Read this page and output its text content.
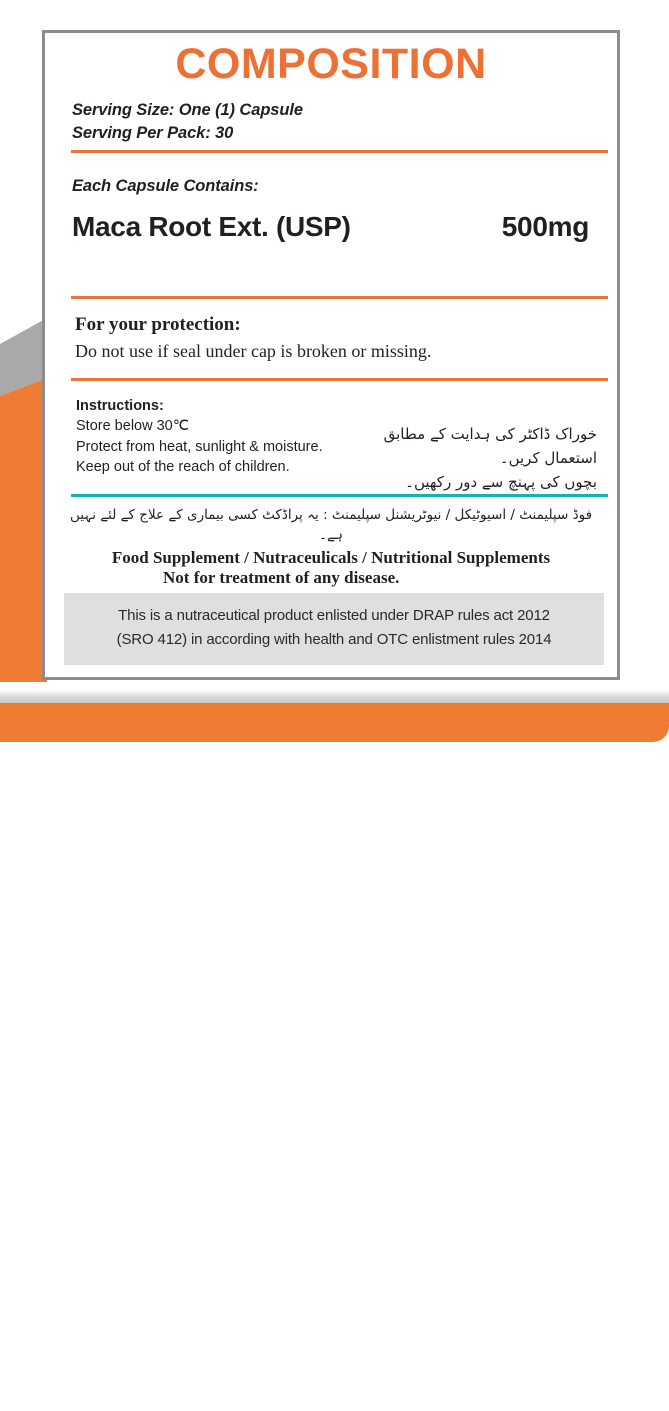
COMPOSITION
Serving Size: One (1) Capsule
Serving Per Pack: 30
Each Capsule Contains:
Maca Root Ext. (USP)	500mg
For your protection:
Do not use if seal under cap is broken or missing.
Instructions:
Store below 30℃
Protect from heat, sunlight & moisture.
Keep out of the reach of children.
خوراک ڈاکٹر کی ہدایت کے مطابق استعمال کریں۔
بچوں کی پہنچ سے دور رکھیں۔
فوڈ سپلیمنٹ / اسیوٹیکل / نیوٹریشنل سپلیمنٹ : یہ پراڈکٹ کسی بیماری کے علاج کے لئے نہیں ہے۔
Food Supplement / Nutraceulicals / Nutritional Supplements
Not for treatment of any disease.
This is a nutraceutical product enlisted under DRAP rules act 2012
(SRO 412) in according with health and OTC enlistment rules 2014
